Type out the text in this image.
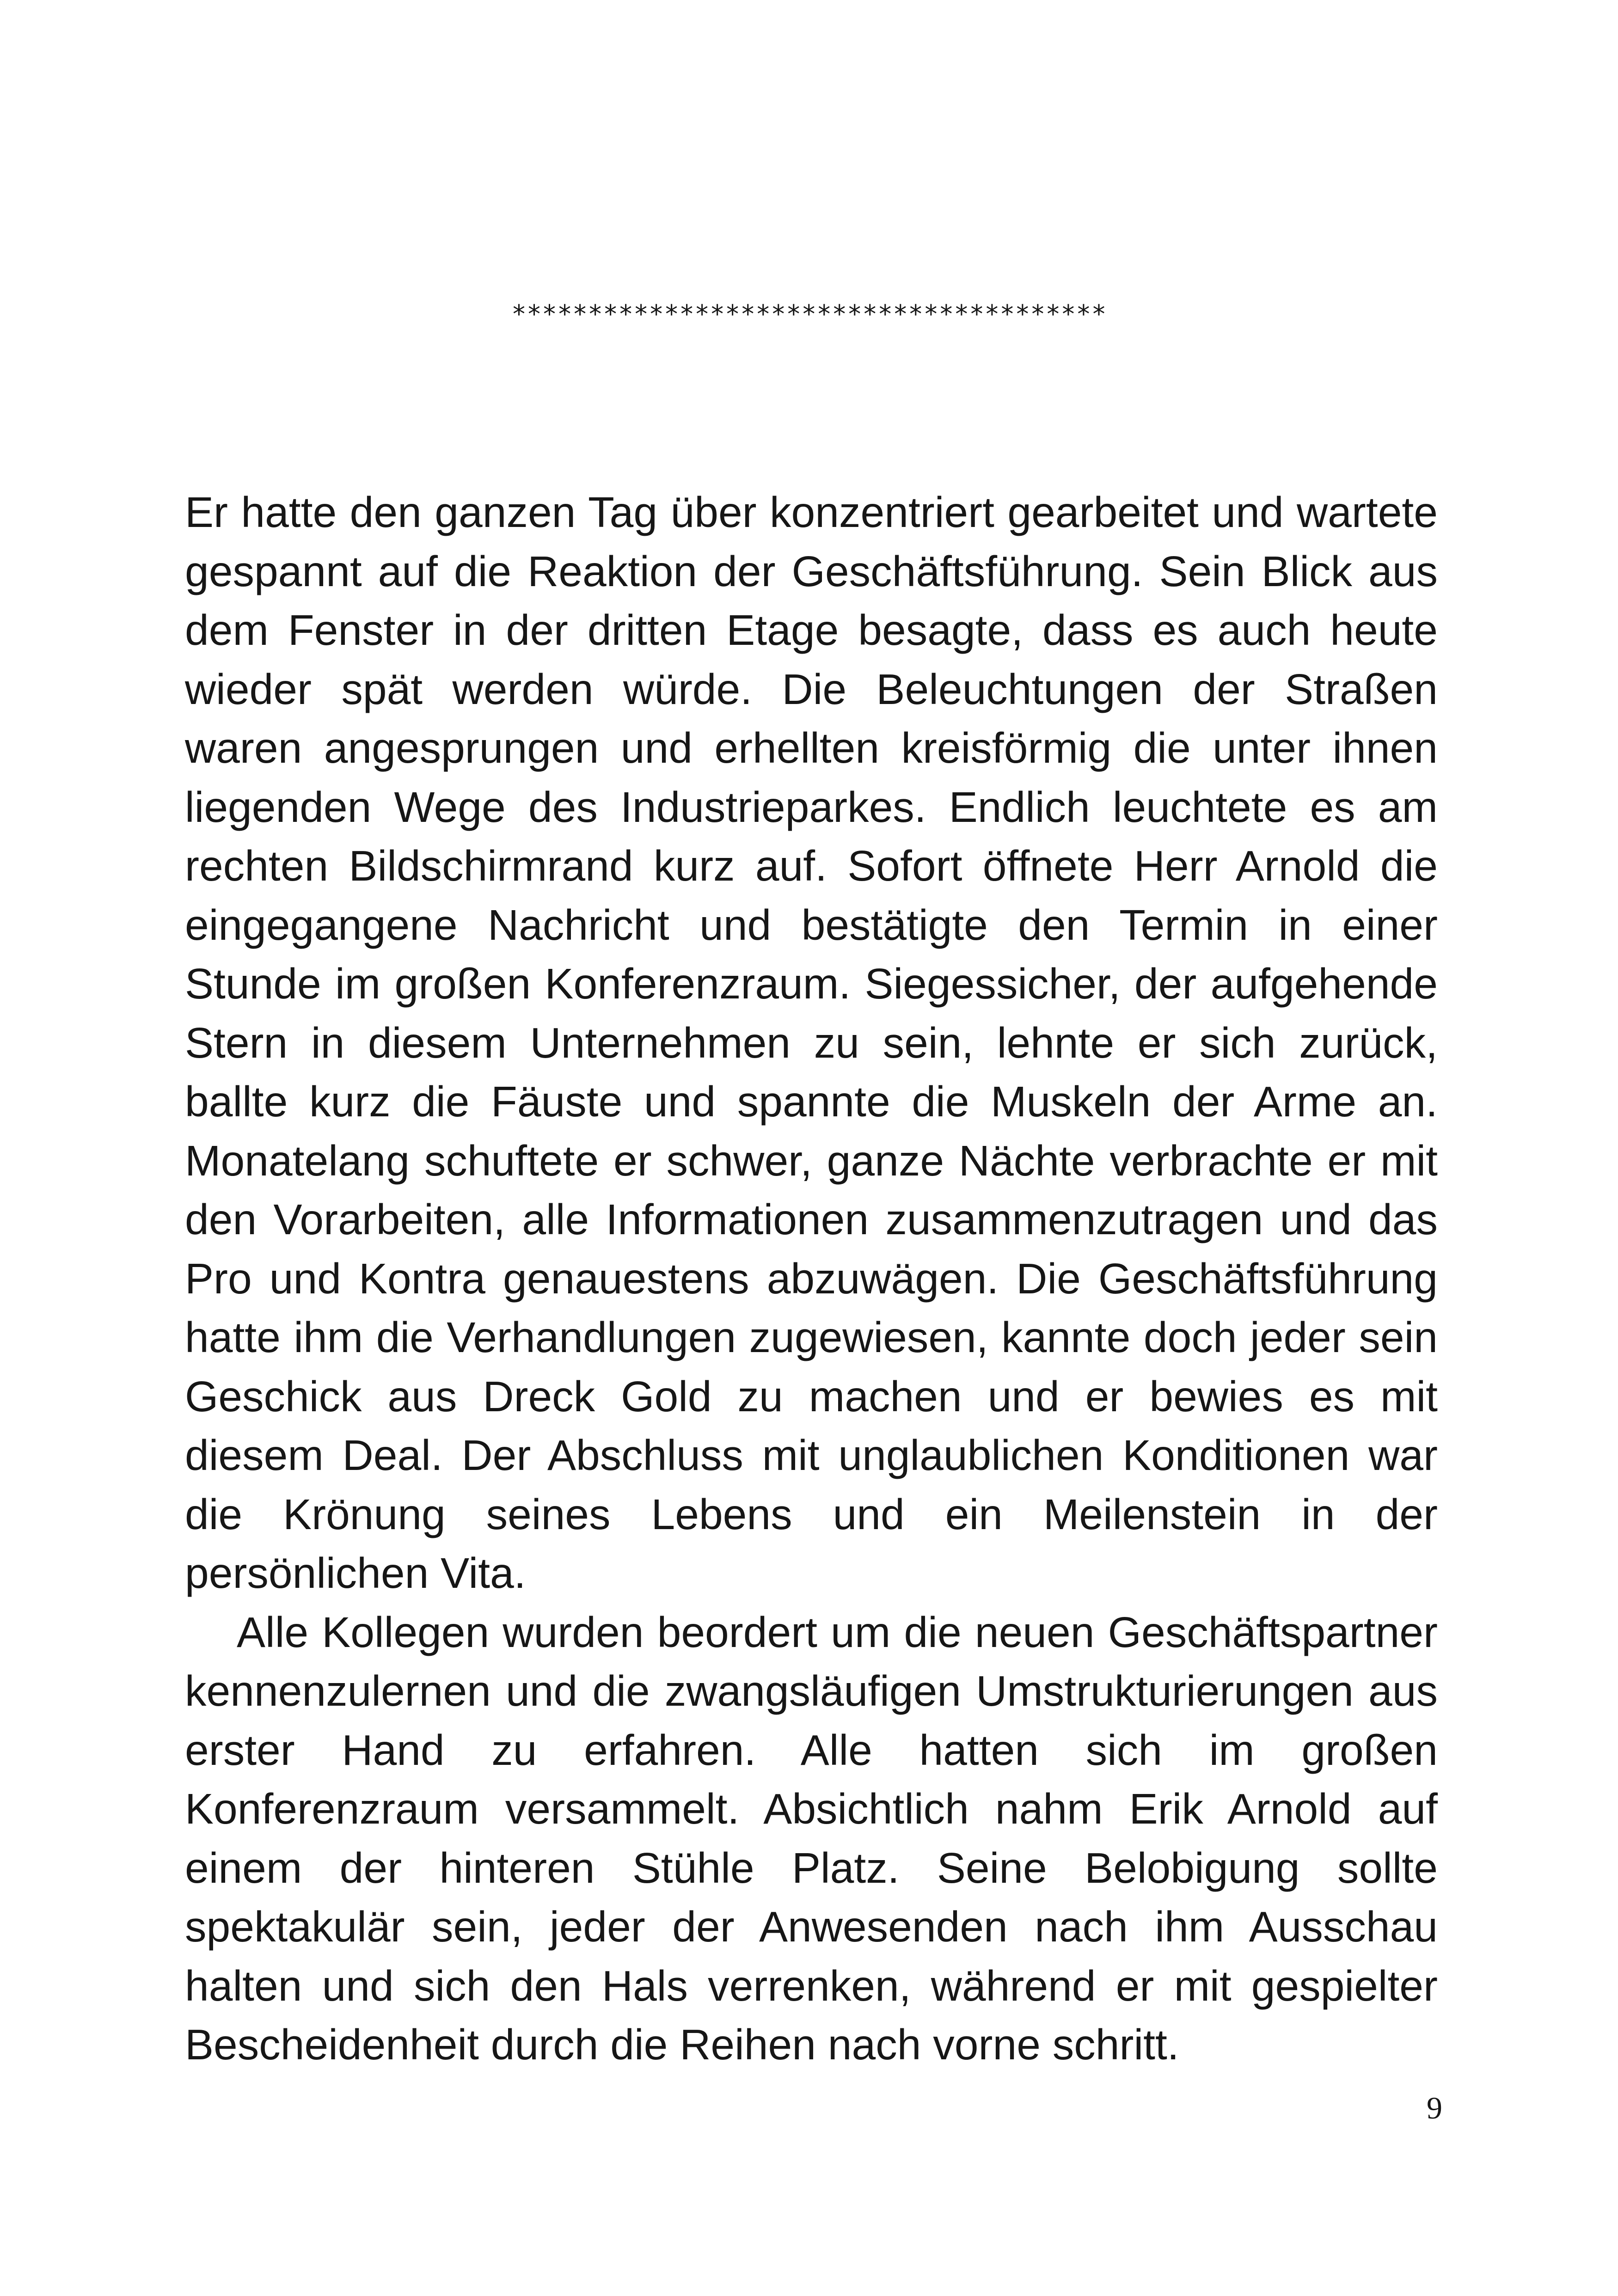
***************************************

Er hatte den ganzen Tag über konzentriert gearbeitet und wartete gespannt auf die Reaktion der Geschäftsführung. Sein Blick aus dem Fenster in der dritten Etage besagte, dass es auch heute wieder spät werden würde. Die Beleuchtungen der Straßen waren angesprungen und erhellten kreisförmig die unter ihnen liegenden Wege des Industrieparkes. Endlich leuchtete es am rechten Bildschirmrand kurz auf. Sofort öffnete Herr Arnold die eingegangene Nachricht und bestätigte den Termin in einer Stunde im großen Konferenzraum. Siegessicher, der aufgehende Stern in diesem Unternehmen zu sein, lehnte er sich zurück, ballte kurz die Fäuste und spannte die Muskeln der Arme an. Monatelang schuftete er schwer, ganze Nächte verbrachte er mit den Vorarbeiten, alle Informationen zusammenzutragen und das Pro und Kontra genauestens abzuwägen. Die Geschäftsführung hatte ihm die Verhandlungen zugewiesen, kannte doch jeder sein Geschick aus Dreck Gold zu machen und er bewies es mit diesem Deal. Der Abschluss mit unglaublichen Konditionen war die Krönung seines Lebens und ein Meilenstein in der persönlichen Vita.

Alle Kollegen wurden beordert um die neuen Geschäftspartner kennenzulernen und die zwangsläufigen Umstrukturierungen aus erster Hand zu erfahren. Alle hatten sich im großen Konferenzraum versammelt. Absichtlich nahm Erik Arnold auf einem der hinteren Stühle Platz. Seine Belobigung sollte spektakulär sein, jeder der Anwesenden nach ihm Ausschau halten und sich den Hals verrenken, während er mit gespielter Bescheidenheit durch die Reihen nach vorne schritt.

9
